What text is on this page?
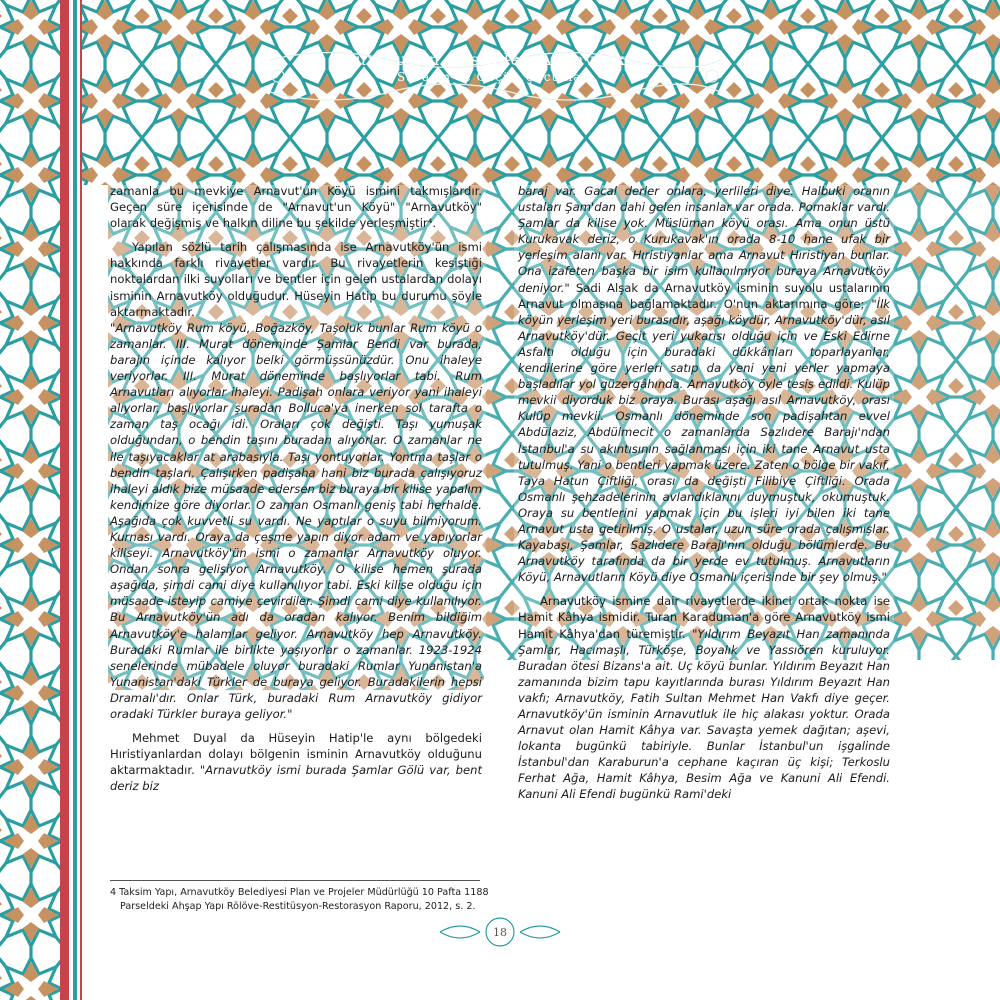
Cumhurun Sesinden Arnavutköy
Savaşın ve Göçün Çocukları

zamanla bu mevkiye Arnavut'un Köyü ismini takmışlardır. Geçen süre içerisinde de "Arnavut'un Köyü" "Arnavutköy" olarak değişmiş ve halkın diline bu şekilde yerleşmiştir⁴.

Yapılan sözlü tarih çalışmasında ise Arnavutköy'ün ismi hakkında farklı rivayetler vardır. Bu rivayetlerin kesiştiği noktalardan ilki suyolları ve bentler için gelen ustalardan dolayı isminin Arnavutköy olduğudur. Hüseyin Hatip bu durumu şöyle aktarmaktadır.

"Arnavutköy Rum köyü, Boğazköy, Taşoluk bunlar Rum köyü o zamanlar. III. Murat döneminde Şamlar Bendi var burada, barajın içinde kalıyor belki görmüşsünüzdür. Onu ihaleye veriyorlar. III. Murat döneminde başlıyorlar tabi. Rum Arnavutları alıyorlar ihaleyi. Padişah onlara veriyor yani ihaleyi alıyorlar, başlıyorlar şuradan Bolluca'ya inerken sol tarafta o zaman taş ocağı idi. Oraları çok değişti. Taşı yumuşak olduğundan, o bendin taşını buradan alıyorlar. O zamanlar ne ile taşıyacaklar at arabasıyla. Taşı yontuyorlar. Yontma taşlar o bendin taşları. Çalışırken padişaha hani biz burada çalışıyoruz ihaleyi aldık bize müsaade edersen biz buraya bir kilise yapalım kendimize göre diyorlar. O zaman Osmanlı geniş tabi herhalde. Aşağıda çok kuvvetli su vardı. Ne yaptılar o suyu bilmiyorum. Kurnası vardı. Oraya da çeşme yapın diyor adam ve yapıyorlar kiliseyi. Arnavutköy'ün ismi o zamanlar Arnavutköy oluyor. Ondan sonra gelişiyor Arnavutköy. O kilise hemen şurada aşağıda, şimdi cami diye kullanılıyor tabi. Eski kilise olduğu için müsaade isteyip camiye çevirdiler. Şimdi cami diye kullanılıyor. Bu Arnavutköy'ün adı da oradan kalıyor. Benim bildiğim Arnavutköy'e halamlar geliyor. Arnavutköy hep Arnavutköy. Buradaki Rumlar ile birlikte yaşıyorlar o zamanlar. 1923-1924 senelerinde mübadele oluyor buradaki Rumlar Yunanistan'a Yunanistan'daki Türkler de buraya geliyor. Buradakilerin hepsi Dramalı'dır. Onlar Türk, buradaki Rum Arnavutköy gidiyor oradaki Türkler buraya geliyor."

Mehmet Duyal da Hüseyin Hatip'le aynı bölgedeki Hıristiyanlardan dolayı bölgenin isminin Arnavutköy olduğunu aktarmaktadır. "Arnavutköy ismi burada Şamlar Gölü var, bent deriz biz

baraj var. Gacal derler onlara, yerlileri diye. Halbuki oranın ustaları Şam'dan dahi gelen insanlar var orada. Pomaklar vardı. Şamlar da kilise yok. Müslüman köyü orası. Ama onun üstü Kurukavak deriz, o Kurukavak'ın orada 8-10 hane ufak bir yerleşim alanı var. Hıristiyanlar ama Arnavut Hıristiyan bunlar. Ona izafeten başka bir isim kullanılmıyor buraya Arnavutköy deniyor." Sadi Alşak da Arnavutköy isminin suyolu ustalarının Arnavut olmasına bağlamaktadır. O'nun aktarımına göre; "İlk köyün yerleşim yeri burasıdır, aşağı köydür, Arnavutköy'dür, asıl Arnavutköy'dür. Geçit yeri yukarısı olduğu için ve Eski Edirne Asfaltı olduğu için buradaki dükkânları toparlayanlar, kendilerine göre yerleri satıp da yeni yeni yerler yapmaya başladılar yol güzergâhında. Arnavutköy öyle tesis edildi. Kulüp mevkii diyorduk biz oraya. Burası aşağı asıl Arnavutköy, orası Kulüp mevkii. Osmanlı döneminde son padişahtan evvel Abdülaziz, Abdülmecit o zamanlarda Sazlıdere Barajı'ndan İstanbul'a su akıntısının sağlanması için iki tane Arnavut usta tutulmuş. Yani o bentleri yapmak üzere. Zaten o bölge bir vakıf, Taya Hatun Çiftliği, orası da değişti Filibiye Çiftliği. Orada Osmanlı şehzadelerinin avlandıklarını duymuştuk, okumuştuk. Oraya su bentlerini yapmak için bu işleri iyi bilen iki tane Arnavut usta getirilmiş. O ustalar, uzun süre orada çalışmışlar. Kayabaşı, Şamlar, Sazlıdere Barajı'nın olduğu bölümlerde. Bu Arnavutköy tarafında da bir yerde ev tutulmuş. Arnavutların Köyü, Arnavutların Köyü diye Osmanlı içerisinde bir şey olmuş."

Arnavutköy ismine dair rivayetlerde ikinci ortak nokta ise Hamit Kâhya ismidir. Turan Karaduman'a göre Arnavutköy ismi Hamit Kâhya'dan türemiştir. "Yıldırım Beyazıt Han zamanında Şamlar, Hacımaşlı, Türköşe, Boyalık ve Yassıören kuruluyor. Buradan ötesi Bizans'a ait. Uç köyü bunlar. Yıldırım Beyazıt Han zamanında bizim tapu kayıtlarında burası Yıldırım Beyazıt Han vakfı; Arnavutköy, Fatih Sultan Mehmet Han Vakfı diye geçer. Arnavutköy'ün isminin Arnavutluk ile hiç alakası yoktur. Orada Arnavut olan Hamit Kâhya var. Savaşta yemek dağıtan; aşevi, lokanta bugünkü tabiriyle. Bunlar İstanbul'un işgalinde İstanbul'dan Karaburun'a cephane kaçıran üç kişi; Terkoslu Ferhat Ağa, Hamit Kâhya, Besim Ağa ve Kanuni Ali Efendi. Kanuni Ali Efendi bugünkü Rami'deki

4 Taksim Yapı, Arnavutköy Belediyesi Plan ve Projeler Müdürlüğü 10 Pafta 1188

Parseldeki Ahşap Yapı Rölöve-Restitüsyon-Restorasyon Raporu, 2012, s. 2.

18
